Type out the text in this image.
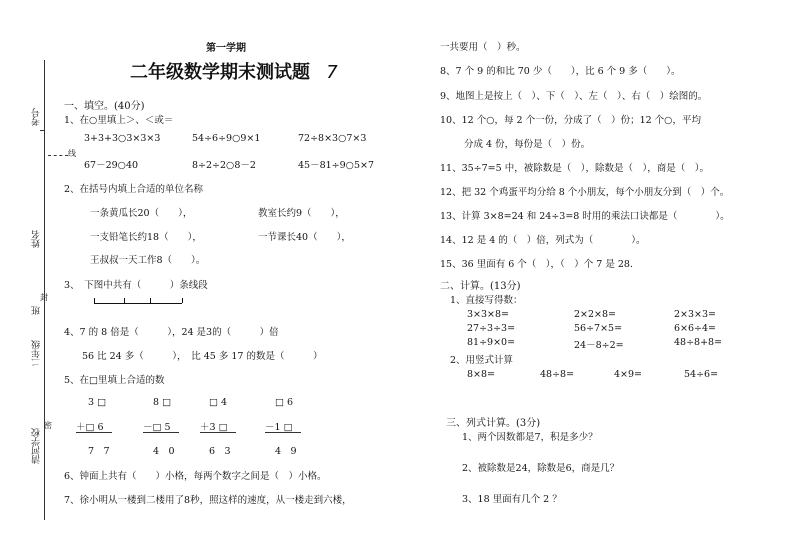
考号
线
姓名
封
班
二年级
密
清河学校
第一学期
二年级数学期末测试题 7
一、填空。(40分)
1、在○里填上＞、＜或＝
3+3+3○3×3×3	54÷6÷9○9×1	72÷8×3○7×3
67－29○40	8÷2÷2○8－2	45－81÷9○5×7
2、在括号内填上合适的单位名称
一条黄瓜长20（　　），	教室长约9（　　），
一支铅笔长约18（　　），	一节课长40（　　），
王叔叔一天工作8（　　）。
3、　下图中共有（　　　）条线段
4、7 的 8 倍是（　　　），24 是3的（　　　）倍
56 比 24 多（　　　），　比 45 多 17 的数是（　　　）
5、在□里填上合适的数
3 □	8 □	□ 4	□ 6
＋□ 6	－□ 5	＋3 □	－1 □
7　7	4　0	6　3	4　9
6、钟面上共有（　　）小格，每两个数字之间是（　）小格。
7、徐小明从一楼到二楼用了8秒，照这样的速度，从一楼走到六楼，
一共要用（　）秒。
8、7 个 9 的和比 70 少（　　），比 6 个 9 多（　　）。
9、地图上是按上（　）、下（　）、左（　）、右（　）绘图的。
10、12 个○，每 2 个一份，分成了（　）份；12 个○，平均
分成 4 份，每份是（　）份。
11、35÷7=5 中，被除数是（　），除数是（　），商是（　）。
12、把 32 个鸡蛋平均分给 8 个小朋友，每个小朋友分到（　）个。
13、计算 3×8=24 和 24÷3=8 时用的乘法口诀都是（　　　　）。
14、12 是 4 的（　）倍，列式为（　　　　）。
15、36 里面有 6 个（　），（　）个 7 是 28.
二、计算。(13分)
1、直接写得数：
3×3×8=	2×2×8=	2×3×3=
27÷3÷3=	56÷7×5=	6×6÷4=
81÷9×0=	24－8÷2=	48÷8+8=
2、用竖式计算
8×8=	48÷8=	4×9=	54÷6=
三、列式计算。(3分)
1、两个因数都是7，积是多少？
2、被除数是24，除数是6，商是几？
3、18 里面有几个 2 ？
